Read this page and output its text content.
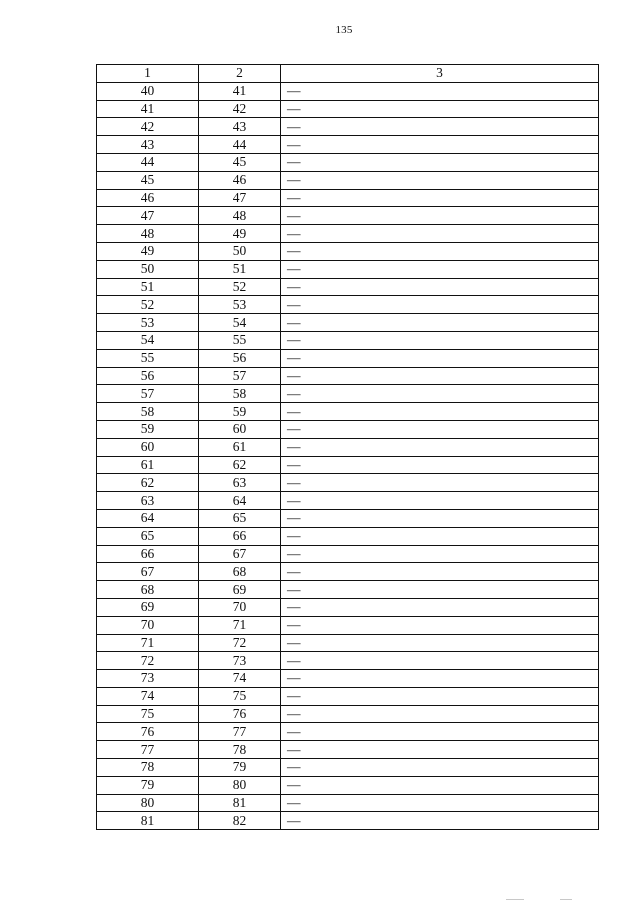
135
1	2	3
40	41	—
41	42	—
42	43	—
43	44	—
44	45	—
45	46	—
46	47	—
47	48	—
48	49	—
49	50	—
50	51	—
51	52	—
52	53	—
53	54	—
54	55	—
55	56	—
56	57	—
57	58	—
58	59	—
59	60	—
60	61	—
61	62	—
62	63	—
63	64	—
64	65	—
65	66	—
66	67	—
67	68	—
68	69	—
69	70	—
70	71	—
71	72	—
72	73	—
73	74	—
74	75	—
75	76	—
76	77	—
77	78	—
78	79	—
79	80	—
80	81	—
81	82	—
